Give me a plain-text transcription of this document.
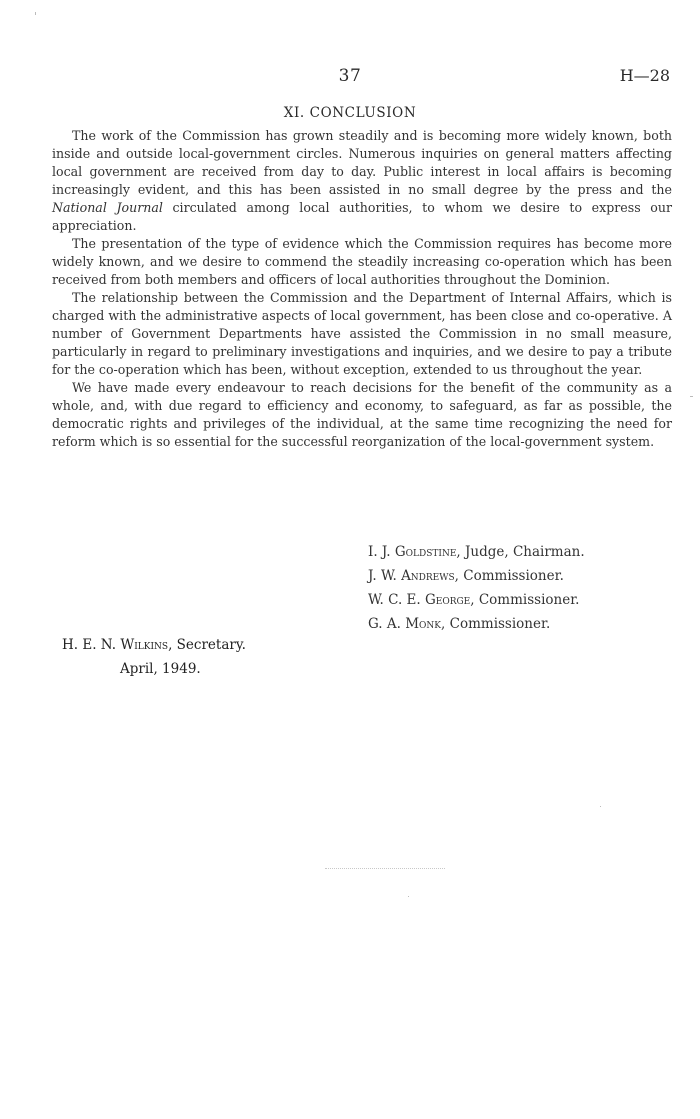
37	H—28
XI. CONCLUSION

The work of the Commission has grown steadily and is becoming more widely known, both inside and outside local-government circles. Numerous inquiries on general matters affecting local government are received from day to day. Public interest in local affairs is becoming increasingly evident, and this has been assisted in no small degree by the press and the National Journal circulated among local authorities, to whom we desire to express our appreciation.

The presentation of the type of evidence which the Commission requires has become more widely known, and we desire to commend the steadily increasing co-operation which has been received from both members and officers of local authorities throughout the Dominion.

The relationship between the Commission and the Department of Internal Affairs, which is charged with the administrative aspects of local government, has been close and co-operative. A number of Government Departments have assisted the Commission in no small measure, particularly in regard to preliminary investigations and inquiries, and we desire to pay a tribute for the co-operation which has been, without exception, extended to us throughout the year.

We have made every endeavour to reach decisions for the benefit of the community as a whole, and, with due regard to efficiency and economy, to safeguard, as far as possible, the democratic rights and privileges of the individual, at the same time recognizing the need for reform which is so essential for the successful reorganization of the local-government system.

I. J. Goldstine, Judge, Chairman.
J. W. Andrews, Commissioner.
W. C. E. George, Commissioner.
G. A. Monk, Commissioner.
H. E. N. Wilkins, Secretary.
April, 1949.
